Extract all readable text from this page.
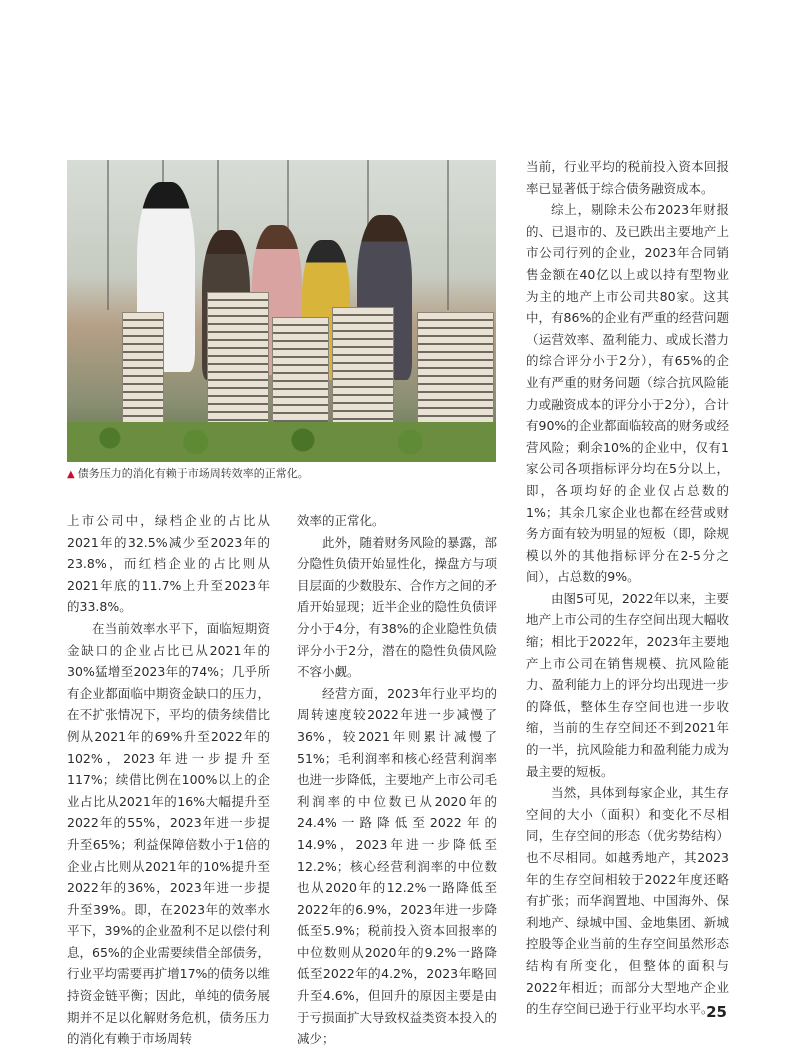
▲ 债务压力的消化有赖于市场周转效率的正常化。

上市公司中，绿档企业的占比从2021年的32.5%减少至2023年的23.8%，而红档企业的占比则从2021年底的11.7%上升至2023年的33.8%。

在当前效率水平下，面临短期资金缺口的企业占比已从2021年的30%猛增至2023年的74%；几乎所有企业都面临中期资金缺口的压力，在不扩张情况下，平均的债务续借比例从2021年的69%升至2022年的102%，2023年进一步提升至117%；续借比例在100%以上的企业占比从2021年的16%大幅提升至2022年的55%，2023年进一步提升至65%；利益保障倍数小于1倍的企业占比则从2021年的10%提升至2022年的36%，2023年进一步提升至39%。即，在2023年的效率水平下，39%的企业盈利不足以偿付利息，65%的企业需要续借全部债务，行业平均需要再扩增17%的债务以维持资金链平衡；因此，单纯的债务展期并不足以化解财务危机，债务压力的消化有赖于市场周转

效率的正常化。

此外，随着财务风险的暴露，部分隐性负债开始显性化，操盘方与项目层面的少数股东、合作方之间的矛盾开始显现；近半企业的隐性负债评分小于4分，有38%的企业隐性负债评分小于2分，潜在的隐性负债风险不容小觑。

经营方面，2023年行业平均的周转速度较2022年进一步减慢了36%，较2021年则累计减慢了51%；毛利润率和核心经营利润率也进一步降低，主要地产上市公司毛利润率的中位数已从2020年的24.4%一路降低至2022年的14.9%，2023年进一步降低至12.2%；核心经营利润率的中位数也从2020年的12.2%一路降低至2022年的6.9%，2023年进一步降低至5.9%；税前投入资本回报率的中位数则从2020年的9.2%一路降低至2022年的4.2%，2023年略回升至4.6%，但回升的原因主要是由于亏损面扩大导致权益类资本投入的减少；

当前，行业平均的税前投入资本回报率已显著低于综合债务融资成本。

综上，剔除未公布2023年财报的、已退市的、及已跌出主要地产上市公司行列的企业，2023年合同销售金额在40亿以上或以持有型物业为主的地产上市公司共80家。这其中，有86%的企业有严重的经营问题（运营效率、盈利能力、或成长潜力的综合评分小于2分），有65%的企业有严重的财务问题（综合抗风险能力或融资成本的评分小于2分），合计有90%的企业都面临较高的财务或经营风险；剩余10%的企业中，仅有1家公司各项指标评分均在5分以上，即，各项均好的企业仅占总数的1%；其余几家企业也都在经营或财务方面有较为明显的短板（即，除规模以外的其他指标评分在2-5分之间），占总数的9%。

由图5可见，2022年以来，主要地产上市公司的生存空间出现大幅收缩；相比于2022年，2023年主要地产上市公司在销售规模、抗风险能力、盈利能力上的评分均出现进一步的降低，整体生存空间也进一步收缩，当前的生存空间还不到2021年的一半，抗风险能力和盈利能力成为最主要的短板。

当然，具体到每家企业，其生存空间的大小（面积）和变化不尽相同，生存空间的形态（优劣势结构）也不尽相同。如越秀地产，其2023年的生存空间相较于2022年度还略有扩张；而华润置地、中国海外、保利地产、绿城中国、金地集团、新城控股等企业当前的生存空间虽然形态结构有所变化，但整体的面积与2022年相近；而部分大型地产企业的生存空间已逊于行业平均水平。

25
